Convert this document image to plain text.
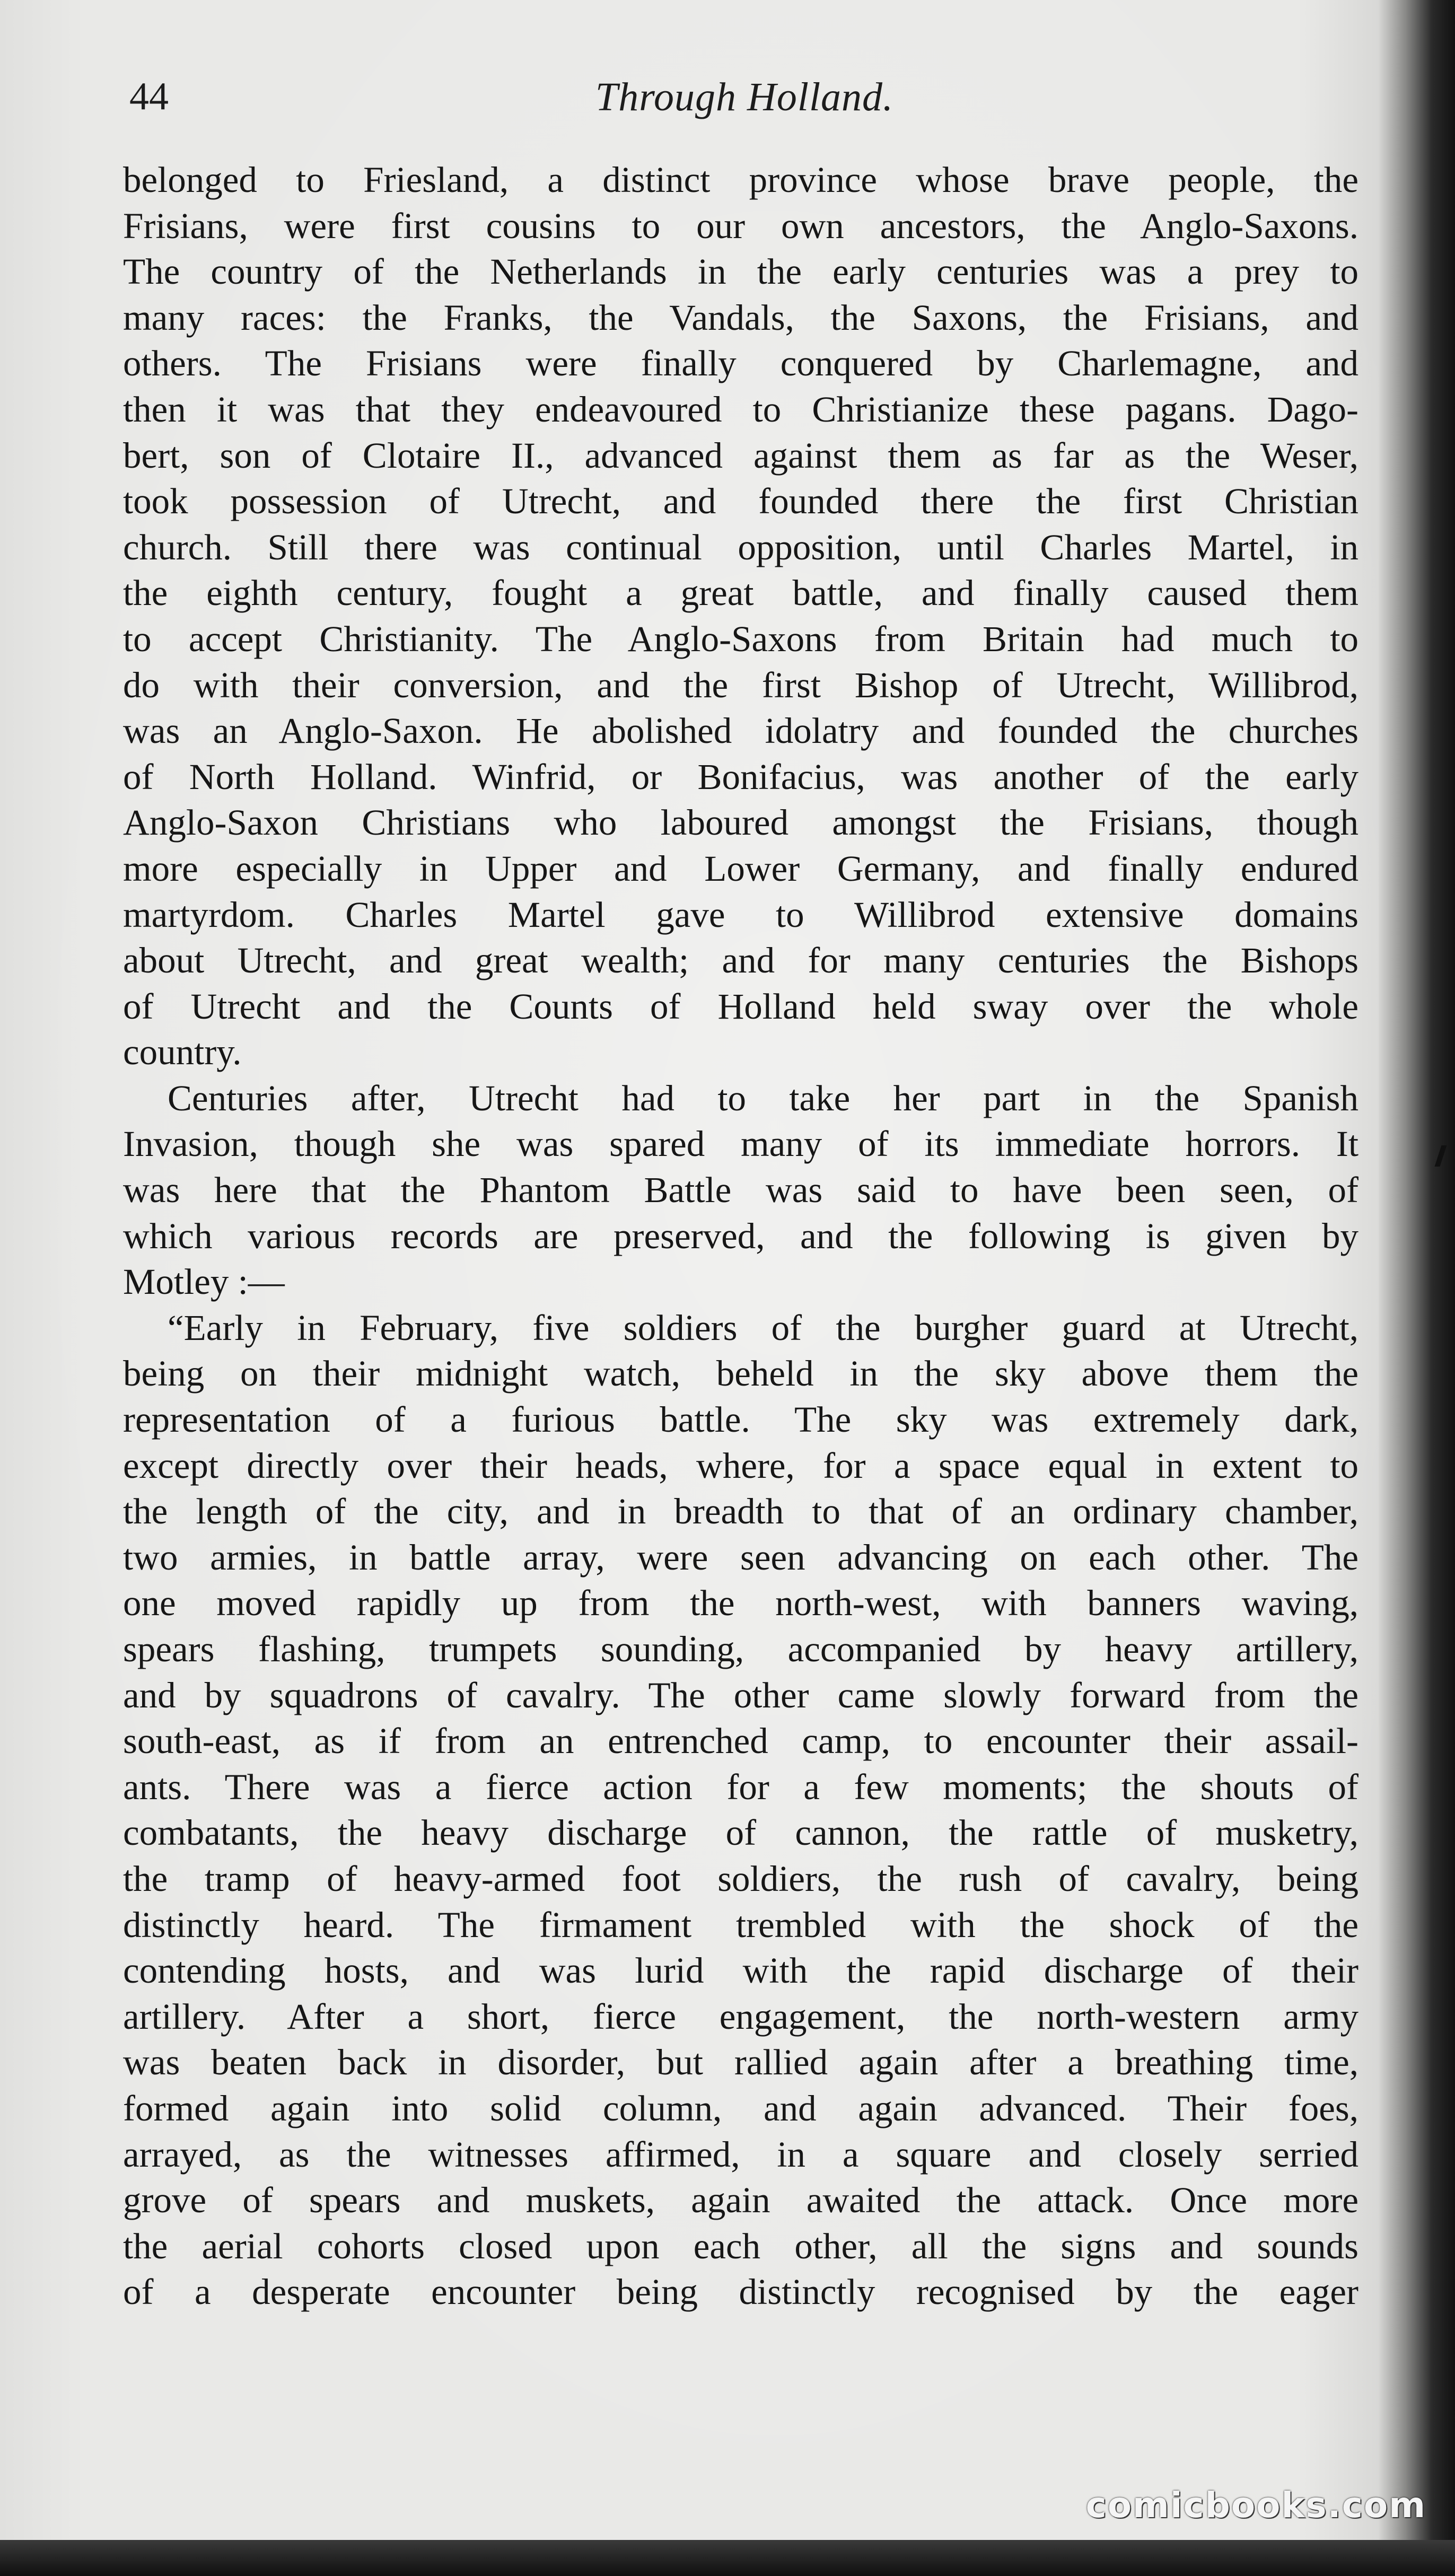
44	Through Holland.
belonged to Friesland, a distinct province whose brave people, the
Frisians, were first cousins to our own ancestors, the Anglo-Saxons.
The country of the Netherlands in the early centuries was a prey to
many races: the Franks, the Vandals, the Saxons, the Frisians, and
others. The Frisians were finally conquered by Charlemagne, and
then it was that they endeavoured to Christianize these pagans. Dago-
bert, son of Clotaire II., advanced against them as far as the Weser,
took possession of Utrecht, and founded there the first Christian
church. Still there was continual opposition, until Charles Martel, in
the eighth century, fought a great battle, and finally caused them
to accept Christianity. The Anglo-Saxons from Britain had much to
do with their conversion, and the first Bishop of Utrecht, Willibrod,
was an Anglo-Saxon. He abolished idolatry and founded the churches
of North Holland. Winfrid, or Bonifacius, was another of the early
Anglo-Saxon Christians who laboured amongst the Frisians, though
more especially in Upper and Lower Germany, and finally endured
martyrdom. Charles Martel gave to Willibrod extensive domains
about Utrecht, and great wealth; and for many centuries the Bishops
of Utrecht and the Counts of Holland held sway over the whole
country.
Centuries after, Utrecht had to take her part in the Spanish
Invasion, though she was spared many of its immediate horrors. It
was here that the Phantom Battle was said to have been seen, of
which various records are preserved, and the following is given by
Motley :—
“Early in February, five soldiers of the burgher guard at Utrecht,
being on their midnight watch, beheld in the sky above them the
representation of a furious battle. The sky was extremely dark,
except directly over their heads, where, for a space equal in extent to
the length of the city, and in breadth to that of an ordinary chamber,
two armies, in battle array, were seen advancing on each other. The
one moved rapidly up from the north-west, with banners waving,
spears flashing, trumpets sounding, accompanied by heavy artillery,
and by squadrons of cavalry. The other came slowly forward from the
south-east, as if from an entrenched camp, to encounter their assail-
ants. There was a fierce action for a few moments; the shouts of
combatants, the heavy discharge of cannon, the rattle of musketry,
the tramp of heavy-armed foot soldiers, the rush of cavalry, being
distinctly heard. The firmament trembled with the shock of the
contending hosts, and was lurid with the rapid discharge of their
artillery. After a short, fierce engagement, the north-western army
was beaten back in disorder, but rallied again after a breathing time,
formed again into solid column, and again advanced. Their foes,
arrayed, as the witnesses affirmed, in a square and closely serried
grove of spears and muskets, again awaited the attack. Once more
the aerial cohorts closed upon each other, all the signs and sounds
of a desperate encounter being distinctly recognised by the eager
comicbooks.com
